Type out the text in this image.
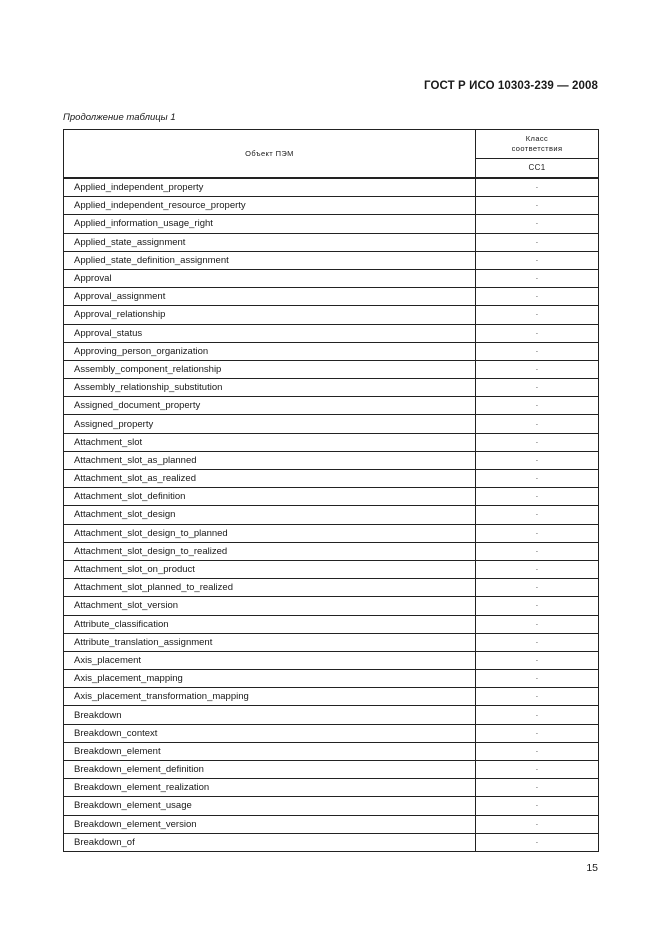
ГОСТ Р ИСО 10303-239 — 2008
Продолжение таблицы 1
Объект ПЭМ	Класс
соответствия
	CC1
Applied_independent_property	·
Applied_independent_resource_property	·
Applied_information_usage_right	·
Applied_state_assignment	·
Applied_state_definition_assignment	·
Approval	·
Approval_assignment	·
Approval_relationship	·
Approval_status	·
Approving_person_organization	·
Assembly_component_relationship	·
Assembly_relationship_substitution	·
Assigned_document_property	·
Assigned_property	·
Attachment_slot	·
Attachment_slot_as_planned	·
Attachment_slot_as_realized	·
Attachment_slot_definition	·
Attachment_slot_design	·
Attachment_slot_design_to_planned	·
Attachment_slot_design_to_realized	·
Attachment_slot_on_product	·
Attachment_slot_planned_to_realized	·
Attachment_slot_version	·
Attribute_classification	·
Attribute_translation_assignment	·
Axis_placement	·
Axis_placement_mapping	·
Axis_placement_transformation_mapping	·
Breakdown	·
Breakdown_context	·
Breakdown_element	·
Breakdown_element_definition	·
Breakdown_element_realization	·
Breakdown_element_usage	·
Breakdown_element_version	·
Breakdown_of	·
15
